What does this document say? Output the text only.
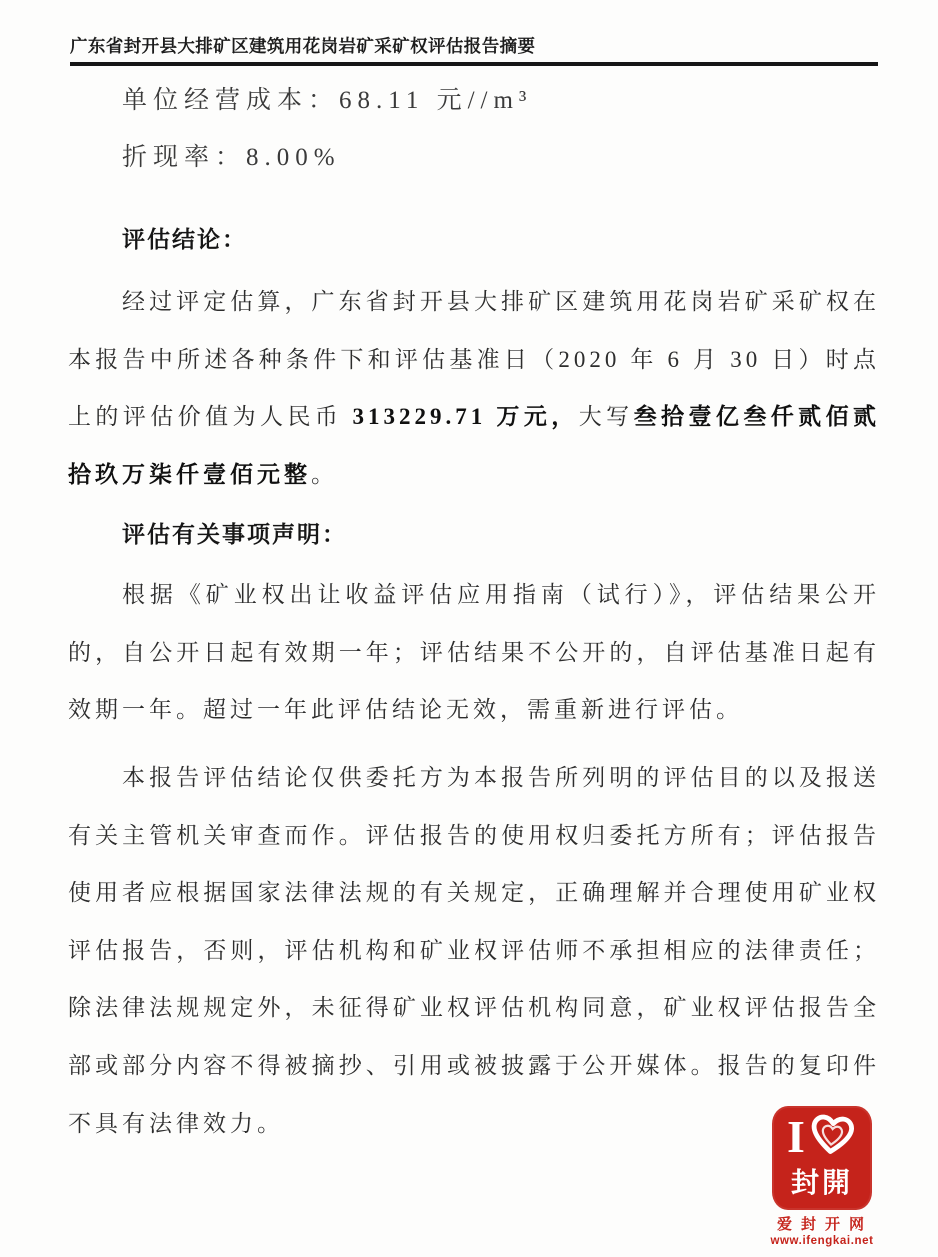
广东省封开县大排矿区建筑用花岗岩矿采矿权评估报告摘要
单位经营成本：68.11 元//m³
折现率：8.00%
评估结论：

经过评定估算，广东省封开县大排矿区建筑用花岗岩矿采矿权在本报告中所述各种条件下和评估基准日（2020 年 6 月 30 日）时点上的评估价值为人民币 313229.71 万元，大写叁拾壹亿叁仟贰佰贰拾玖万柒仟壹佰元整。

评估有关事项声明：

根据《矿业权出让收益评估应用指南（试行）》，评估结果公开的，自公开日起有效期一年；评估结果不公开的，自评估基准日起有效期一年。超过一年此评估结论无效，需重新进行评估。

本报告评估结论仅供委托方为本报告所列明的评估目的以及报送有关主管机关审查而作。评估报告的使用权归委托方所有；评估报告使用者应根据国家法律法规的有关规定，正确理解并合理使用矿业权评估报告，否则，评估机构和矿业权评估师不承担相应的法律责任；除法律法规规定外，未征得矿业权评估机构同意，矿业权评估报告全部或部分内容不得被摘抄、引用或被披露于公开媒体。报告的复印件不具有法律效力。	I
封開
爱封开网
www.ifengkai.net
